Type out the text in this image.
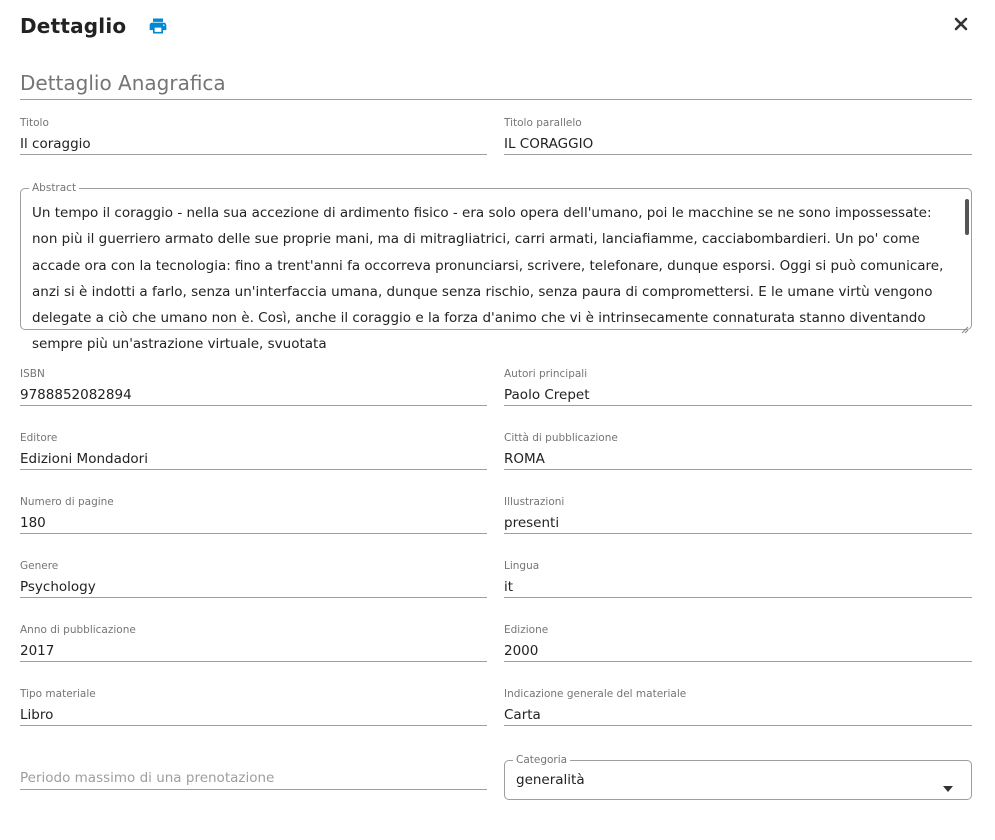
Dettaglio
Dettaglio Anagrafica
Titolo
Il coraggio
Titolo parallelo
IL CORAGGIO
Abstract
Un tempo il coraggio - nella sua accezione di ardimento fisico - era solo opera dell'umano, poi le macchine se ne sono impossessate: non più il guerriero armato delle sue proprie mani, ma di mitragliatrici, carri armati, lanciafiamme, cacciabombardieri. Un po' come accade ora con la tecnologia: fino a trent'anni fa occorreva pronunciarsi, scrivere, telefonare, dunque esporsi. Oggi si può comunicare, anzi si è indotti a farlo, senza un'interfaccia umana, dunque senza rischio, senza paura di compromettersi. E le umane virtù vengono delegate a ciò che umano non è. Così, anche il coraggio e la forza d'animo che vi è intrinsecamente connaturata stanno diventando sempre più un'astrazione virtuale, svuotata
ISBN
9788852082894
Autori principali
Paolo Crepet
Editore
Edizioni Mondadori
Città di pubblicazione
ROMA
Numero di pagine
180
Illustrazioni
presenti
Genere
Psychology
Lingua
it
Anno di pubblicazione
2017
Edizione
2000
Tipo materiale
Libro
Indicazione generale del materiale
Carta
Periodo massimo di una prenotazione
Categoria
generalità
